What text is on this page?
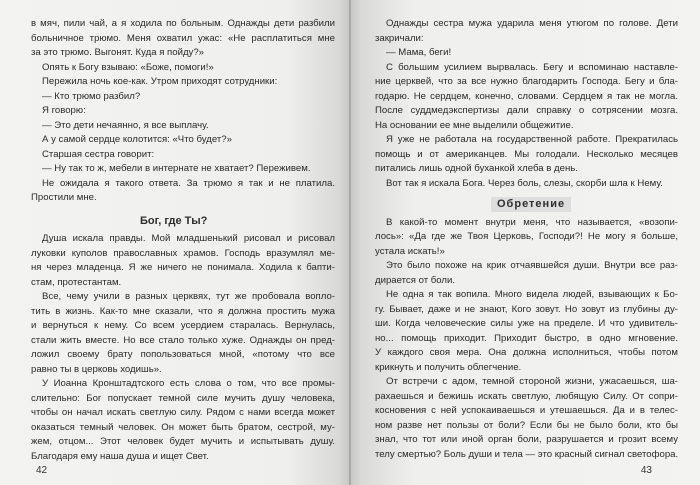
в мяч, пили чай, а я ходила по больным. Однажды дети разбили
больничное трюмо. Меня охватил ужас: «Не расплатиться мне
за это трюмо. Выгонят. Куда я пойду?»
Опять к Богу взываю: «Боже, помоги!»
Пережила ночь кое-как. Утром приходят сотрудники:
— Кто трюмо разбил?
Я говорю:
— Это дети нечаянно, я все выплачу.
А у самой сердце колотится: «Что будет?»
Старшая сестра говорит:
— Ну так то ж, мебели в интернате не хватает? Переживем.
Не ожидала я такого ответа. За трюмо я так и не платила.
Простили мне.
Бог, где Ты?
Душа искала правды. Мой младшенький рисовал и рисовал
луковки куполов православных храмов. Господь вразумлял ме-
ня через младенца. Я же ничего не понимала. Ходила к бапти-
стам, протестантам.
Все, чему учили в разных церквях, тут же пробовала вопло-
тить в жизнь. Как-то мне сказали, что я должна простить мужа
и вернуться к нему. Со всем усердием старалась. Вернулась,
стали жить вместе. Но все стало только хуже. Однажды он пред-
ложил своему брату попользоваться мной, «потому что все
равно ты в церковь ходишь».
У Иоанна Кронштадтского есть слова о том, что все промы-
слительно: Бог попускает темной силе мучить душу человека,
чтобы он начал искать светлую силу. Рядом с нами всегда может
оказаться темный человек. Он может быть братом, сестрой, му-
жем, отцом... Этот человек будет мучить и испытывать душу.
Благодаря ему наша душа и ищет Свет.
42
Однажды сестра мужа ударила меня утюгом по голове. Дети
закричали:
— Мама, беги!
С большим усилием вырвалась. Бегу и вспоминаю наставле-
ние церквей, что за все нужно благодарить Господа. Бегу и бла-
годарю. Не сердцем, конечно, словами. Сердцем я так не могла.
После суддмедэкспертизы дали справку о сотрясении мозга.
На основании ее мне выделили общежитие.
Я уже не работала на государственной работе. Прекратилась
помощь и от американцев. Мы голодали. Несколько месяцев
питались лишь одной буханкой хлеба в день.
Вот так я искала Бога. Через боль, слезы, скорби шла к Нему.
Обретение
В какой-то момент внутри меня, что называется, «возопи-
лось»: «Да где же Твоя Церковь, Господи?! Не могу я больше,
устала искать!»
Это было похоже на крик отчаявшейся души. Внутри все раз-
дирается от боли.
Не одна я так вопила. Много видела людей, взывающих к Бо-
гу. Бывает, даже и не знают, Кого зовут. Но зовут из глубины ду-
ши. Когда человеческие силы уже на пределе. И что удивитель-
но... помощь приходит. Приходит быстро, в одно мгновение.
У каждого своя мера. Она должна исполниться, чтобы потом
крикнуть и получить облегчение.
От встречи с адом, темной стороной жизни, ужасаешься, ша-
рахаешься и бежишь искать светлую, любящую Силу. От сопри-
косновения с ней успокаиваешься и утешаешься. Да и в телес-
ном разве нет пользы от боли? Если бы не было боли, кто бы
знал, что тот или иной орган боли, разрушается и грозит всему
телу смертью? Боль души и тела — это красный сигнал светофора.
43
